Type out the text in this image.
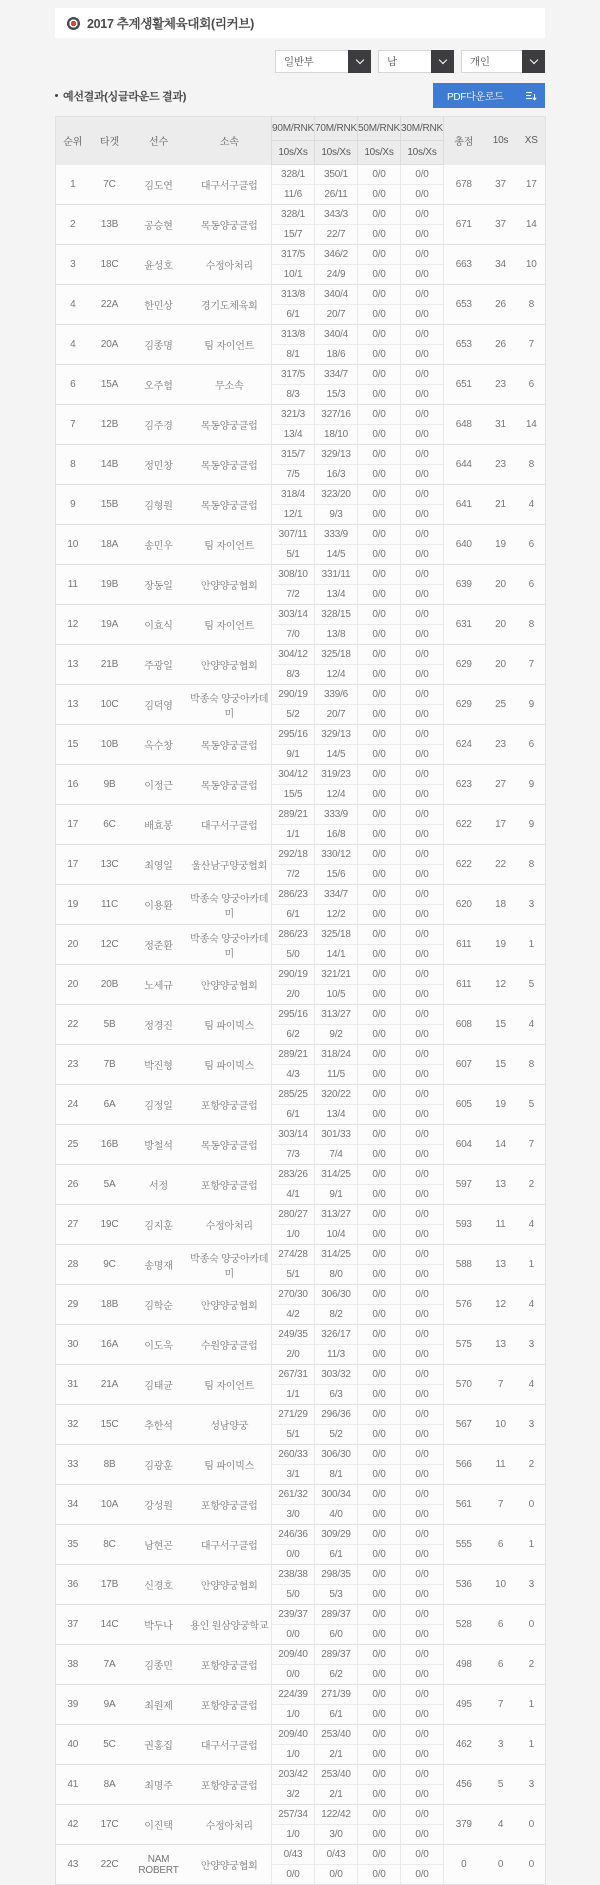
2017 추계생활체육대회(리커브)
일반부	남	개인
예선결과(싱글라운드 결과)	PDF다운로드
순위	타겟	선수	소속	90M/RNK	70M/RNK	50M/RNK	30M/RNK	총점	10s	XS
				10s/Xs	10s/Xs	10s/Xs	10s/Xs			
1	7C	김도연	대구서구클럽	328/1	350/1	0/0	0/0	678	37	17
				11/6	26/11	0/0	0/0			
2	13B	공승현	목동양궁클럽	328/1	343/3	0/0	0/0	671	37	14
				15/7	22/7	0/0	0/0			
3	18C	윤성호	수정아처리	317/5	346/2	0/0	0/0	663	34	10
				10/1	24/9	0/0	0/0			
4	22A	한민상	경기도체육회	313/8	340/4	0/0	0/0	653	26	8
				6/1	20/7	0/0	0/0			
4	20A	김종명	팀 자이언트	313/8	340/4	0/0	0/0	653	26	7
				8/1	18/6	0/0	0/0			
6	15A	오주험	무소속	317/5	334/7	0/0	0/0	651	23	6
				8/3	15/3	0/0	0/0			
7	12B	김주경	목동양궁클럽	321/3	327/16	0/0	0/0	648	31	14
				13/4	18/10	0/0	0/0			
8	14B	정민창	목동양궁클럽	315/7	329/13	0/0	0/0	644	23	8
				7/5	16/3	0/0	0/0			
9	15B	김형원	목동양궁클럽	318/4	323/20	0/0	0/0	641	21	4
				12/1	9/3	0/0	0/0			
10	18A	송민우	팀 자이언트	307/11	333/9	0/0	0/0	640	19	6
				5/1	14/5	0/0	0/0			
11	19B	장동일	안양양궁협회	308/10	331/11	0/0	0/0	639	20	6
				7/2	13/4	0/0	0/0			
12	19A	이효식	팀 자이언트	303/14	328/15	0/0	0/0	631	20	8
				7/0	13/8	0/0	0/0			
13	21B	주광일	안양양궁협회	304/12	325/18	0/0	0/0	629	20	7
				8/3	12/4	0/0	0/0			
13	10C	김덕영	박종숙 양궁아카데미	290/19	339/6	0/0	0/0	629	25	9
				5/2	20/7	0/0	0/0			
15	10B	옥수창	목동양궁클럽	295/16	329/13	0/0	0/0	624	23	6
				9/1	14/5	0/0	0/0			
16	9B	이정근	목동양궁클럽	304/12	319/23	0/0	0/0	623	27	9
				15/5	12/4	0/0	0/0			
17	6C	배효봉	대구서구클럽	289/21	333/9	0/0	0/0	622	17	9
				1/1	16/8	0/0	0/0			
17	13C	최영일	울산남구양궁협회	292/18	330/12	0/0	0/0	622	22	8
				7/2	15/6	0/0	0/0			
19	11C	이용환	박종숙 양궁아카데미	286/23	334/7	0/0	0/0	620	18	3
				6/1	12/2	0/0	0/0			
20	12C	정준환	박종숙 양궁아카데미	286/23	325/18	0/0	0/0	611	19	1
				5/0	14/1	0/0	0/0			
20	20B	노세규	안양양궁협회	290/19	321/21	0/0	0/0	611	12	5
				2/0	10/5	0/0	0/0			
22	5B	정경진	팀 파이빅스	295/16	313/27	0/0	0/0	608	15	4
				6/2	9/2	0/0	0/0			
23	7B	박진형	팀 파이빅스	289/21	318/24	0/0	0/0	607	15	8
				4/3	11/5	0/0	0/0			
24	6A	김정일	포항양궁클럽	285/25	320/22	0/0	0/0	605	19	5
				6/1	13/4	0/0	0/0			
25	16B	방철석	목동양궁클럽	303/14	301/33	0/0	0/0	604	14	7
				7/3	7/4	0/0	0/0			
26	5A	서정	포항양궁클럽	283/26	314/25	0/0	0/0	597	13	2
				4/1	9/1	0/0	0/0			
27	19C	김지훈	수정아처리	280/27	313/27	0/0	0/0	593	11	4
				1/0	10/4	0/0	0/0			
28	9C	송명재	박종숙 양궁아카데미	274/28	314/25	0/0	0/0	588	13	1
				5/1	8/0	0/0	0/0			
29	18B	김학순	안양양궁협회	270/30	306/30	0/0	0/0	576	12	4
				4/2	8/2	0/0	0/0			
30	16A	이도욱	수원양궁클럽	249/35	326/17	0/0	0/0	575	13	3
				2/0	11/3	0/0	0/0			
31	21A	김태균	팀 자이언트	267/31	303/32	0/0	0/0	570	7	4
				1/1	6/3	0/0	0/0			
32	15C	추한석	성남양궁	271/29	296/36	0/0	0/0	567	10	3
				5/1	5/2	0/0	0/0			
33	8B	김광훈	팀 파이빅스	260/33	306/30	0/0	0/0	566	11	2
				3/1	8/1	0/0	0/0			
34	10A	강성원	포항양궁클럽	261/32	300/34	0/0	0/0	561	7	0
				3/0	4/0	0/0	0/0			
35	8C	남현곤	대구서구클럽	246/36	309/29	0/0	0/0	555	6	1
				0/0	6/1	0/0	0/0			
36	17B	신경호	안양양궁협회	238/38	298/35	0/0	0/0	536	10	3
				5/0	5/3	0/0	0/0			
37	14C	박두나	용인 원삼양궁학교	239/37	289/37	0/0	0/0	528	6	0
				0/0	6/0	0/0	0/0			
38	7A	김종민	포항양궁클럽	209/40	289/37	0/0	0/0	498	6	2
				0/0	6/2	0/0	0/0			
39	9A	최원제	포항양궁클럽	224/39	271/39	0/0	0/0	495	7	1
				1/0	6/1	0/0	0/0			
40	5C	권홍집	대구서구클럽	209/40	253/40	0/0	0/0	462	3	1
				1/0	2/1	0/0	0/0			
41	8A	최명주	포항양궁클럽	203/42	253/40	0/0	0/0	456	5	3
				3/2	2/1	0/0	0/0			
42	17C	이진택	수정아처리	257/34	122/42	0/0	0/0	379	4	0
				1/0	3/0	0/0	0/0			
43	22C	NAM ROBERT	안양양궁협회	0/43	0/43	0/0	0/0	0	0	0
				0/0	0/0	0/0	0/0			
